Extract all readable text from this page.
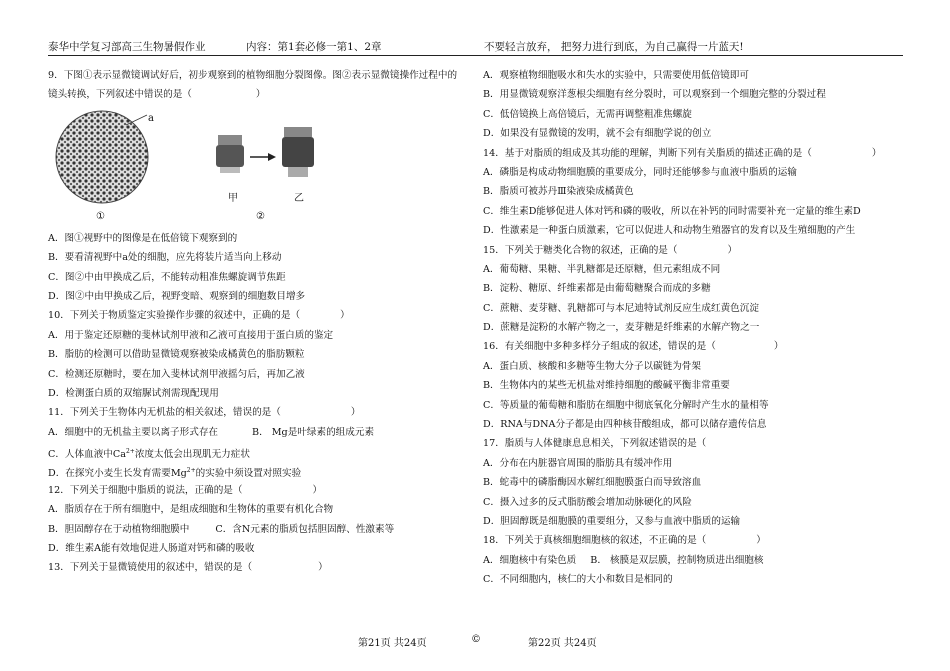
泰华中学复习部高三生物暑假作业	内容：第1套必修一第1、2章	不要轻言放弃， 把努力进行到底，为自己赢得一片蓝天!
9．下图①表示显微镜调试好后，初步观察到的植物细胞分裂图像。图②表示显微镜操作过程中的
镜头转换，下列叙述中错误的是（	）
a
①
甲	乙
②
A．图①视野中的图像是在低倍镜下观察到的
B．要看清视野中a处的细胞，应先将装片适当向上移动
C．图②中由甲换成乙后，不能转动粗准焦螺旋调节焦距
D．图②中由甲换成乙后，视野变暗、观察到的细胞数目增多
10．下列关于物质鉴定实验操作步骤的叙述中，正确的是（	）
A．用于鉴定还原糖的斐林试剂甲液和乙液可直接用于蛋白质的鉴定
B．脂肪的检测可以借助显微镜观察被染成橘黄色的脂肪颗粒
C．检测还原糖时，要在加入斐林试剂甲液摇匀后，再加乙液
D．检测蛋白质的双缩脲试剂需现配现用
11．下列关于生物体内无机盐的相关叙述，错误的是（	）
A．细胞中的无机盐主要以离子形式存在	B． Mg是叶绿素的组成元素
C．人体血液中$Ca^{2+}$浓度太低会出现肌无力症状
D．在探究小麦生长发育需要$Mg^{2+}$的实验中须设置对照实验
12．下列关于细胞中脂质的说法，正确的是（	）
A．脂质存在于所有细胞中，是组成细胞和生物体的重要有机化合物
B．胆固醇存在于动植物细胞膜中	C．含N元素的脂质包括胆固醇、性激素等
D．维生素A能有效地促进人肠道对钙和磷的吸收
13．下列关于显微镜使用的叙述中，错误的是（	）
A．观察植物细胞吸水和失水的实验中，只需要使用低倍镜即可
B．用显微镜观察洋葱根尖细胞有丝分裂时，可以观察到一个细胞完整的分裂过程
C．低倍镜换上高倍镜后，无需再调整粗准焦螺旋
D．如果没有显微镜的发明，就不会有细胞学说的创立
14．基于对脂质的组成及其功能的理解，判断下列有关脂质的描述正确的是（	）
A．磷脂是构成动物细胞膜的重要成分，同时还能够参与血液中脂质的运输
B．脂质可被苏丹Ⅲ染液染成橘黄色
C．维生素D能够促进人体对钙和磷的吸收，所以在补钙的同时需要补充一定量的维生素D
D．性激素是一种蛋白质激素，它可以促进人和动物生殖器官的发育以及生殖细胞的产生
15．下列关于糖类化合物的叙述，正确的是（	）
A．葡萄糖、果糖、半乳糖都是还原糖，但元素组成不同
B．淀粉、糖原、纤维素都是由葡萄糖聚合而成的多糖
C．蔗糖、麦芽糖、乳糖都可与本尼迪特试剂反应生成红黄色沉淀
D．蔗糖是淀粉的水解产物之一，麦芽糖是纤维素的水解产物之一
16．有关细胞中多种多样分子组成的叙述，错误的是（	）
A．蛋白质、核酸和多糖等生物大分子以碳链为骨架
B．生物体内的某些无机盐对维持细胞的酸碱平衡非常重要
C．等质量的葡萄糖和脂肪在细胞中彻底氧化分解时产生水的量相等
D．RNA与DNA分子都是由四种核苷酸组成，都可以储存遗传信息
17．脂质与人体健康息息相关，下列叙述错误的是（
A．分布在内脏器官周围的脂肪具有缓冲作用
B．蛇毒中的磷脂酶因水解红细胞膜蛋白而导致溶血
C．摄入过多的反式脂肪酸会增加动脉硬化的风险
D．胆固醇既是细胞膜的重要组分，又参与血液中脂质的运输
18．下列关于真核细胞细胞核的叙述，不正确的是（	）
A．细胞核中有染色质 B． 核膜是双层膜，控制物质进出细胞核
C．不同细胞内，核仁的大小和数目是相同的
第21页 共24页	©	第22页 共24页
